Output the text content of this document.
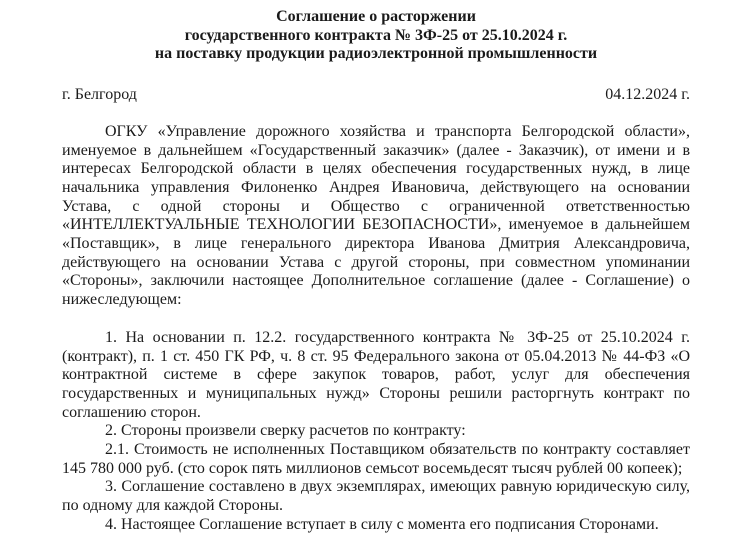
Соглашение о расторжении
государственного контракта № 3Ф-25 от 25.10.2024 г.
на поставку продукции радиоэлектронной промышленности
г. Белгород	04.12.2024 г.

ОГКУ «Управление дорожного хозяйства и транспорта Белгородской области», именуемое в дальнейшем «Государственный заказчик» (далее - Заказчик), от имени и в интересах Белгородской области в целях обеспечения государственных нужд, в лице начальника управления Филоненко Андрея Ивановича, действующего на основании Устава, с одной стороны и Общество с ограниченной ответственностью «ИНТЕЛЛЕКТУАЛЬНЫЕ ТЕХНОЛОГИИ БЕЗОПАСНОСТИ», именуемое в дальнейшем «Поставщик», в лице генерального директора Иванова Дмитрия Александровича, действующего на основании Устава с другой стороны, при совместном упоминании «Стороны», заключили настоящее Дополнительное соглашение (далее - Соглашение) о нижеследующем:

1. На основании п. 12.2. государственного контракта № 3Ф-25 от 25.10.2024 г. (контракт), п. 1 ст. 450 ГК РФ, ч. 8 ст. 95 Федерального закона от 05.04.2013 № 44-ФЗ «О контрактной системе в сфере закупок товаров, работ, услуг для обеспечения государственных и муниципальных нужд» Стороны решили расторгнуть контракт по соглашению сторон.

2. Стороны произвели сверку расчетов по контракту:

2.1. Стоимость не исполненных Поставщиком обязательств по контракту составляет 145 780 000 руб. (сто сорок пять миллионов семьсот восемьдесят тысяч рублей 00 копеек);

3. Соглашение составлено в двух экземплярах, имеющих равную юридическую силу, по одному для каждой Стороны.

4. Настоящее Соглашение вступает в силу с момента его подписания Сторонами.
